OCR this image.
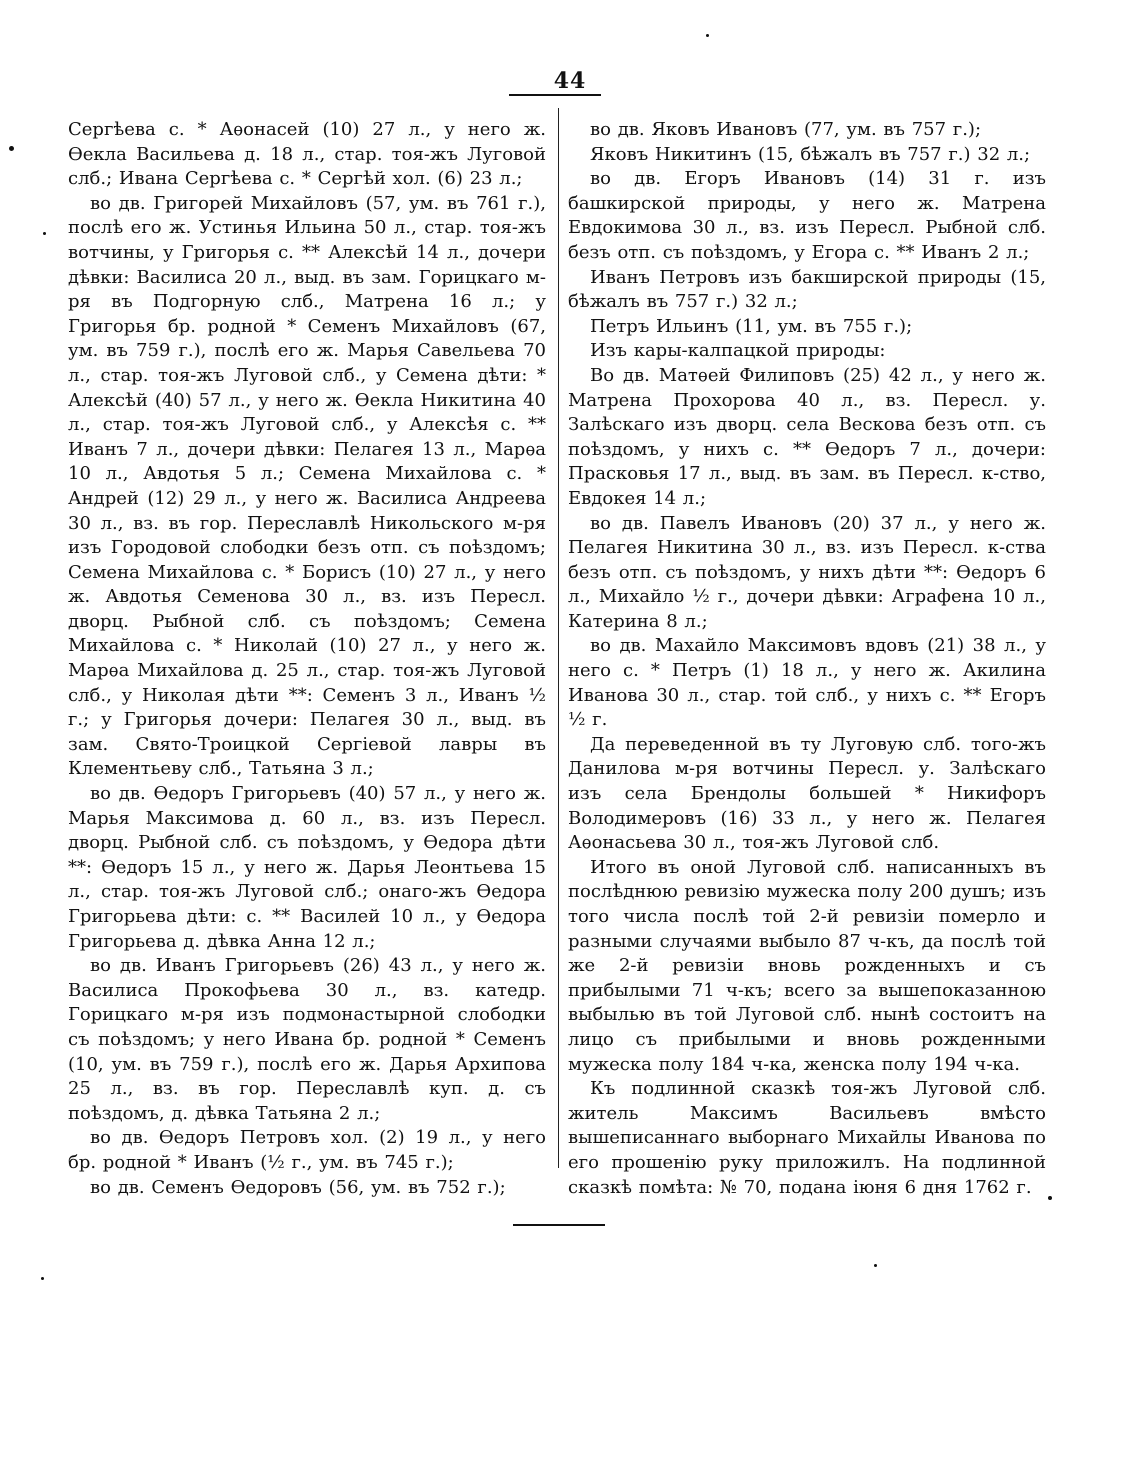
44

Сергѣева с. * Аѳонасей (10) 27 л., у него ж. Ѳекла Васильева д. 18 л., стар. тоя-жъ Луговой слб.; Ивана Сергѣева с. * Сергѣй хол. (6) 23 л.;

во дв. Григорей Михайловъ (57, ум. въ 761 г.), послѣ его ж. Устинья Ильина 50 л., стар. тоя-жъ вотчины, у Григорья с. ** Алексѣй 14 л., дочери дѣвки: Василиса 20 л., выд. въ зам. Горицкаго м-ря въ Подгорную слб., Матрена 16 л.; у Григорья бр. родной * Семенъ Михайловъ (67, ум. въ 759 г.), послѣ его ж. Марья Савельева 70 л., стар. тоя-жъ Луговой слб., у Семена дѣти: * Алексѣй (40) 57 л., у него ж. Ѳекла Никитина 40 л., стар. тоя-жъ Луговой слб., у Алексѣя с. ** Иванъ 7 л., дочери дѣвки: Пелагея 13 л., Марѳа 10 л., Авдотья 5 л.; Семена Михайлова с. * Андрей (12) 29 л., у него ж. Василиса Андреева 30 л., вз. въ гор. Переславлѣ Никольского м-ря изъ Городовой слободки безъ отп. съ поѣздомъ; Семена Михайлова с. * Борисъ (10) 27 л., у него ж. Авдотья Семенова 30 л., вз. изъ Пересл. дворц. Рыбной слб. съ поѣздомъ; Семена Михайлова с. * Николай (10) 27 л., у него ж. Марѳа Михайлова д. 25 л., стар. тоя-жъ Луговой слб., у Николая дѣти **: Семенъ 3 л., Иванъ ½ г.; у Григорья дочери: Пелагея 30 л., выд. въ зам. Свято-Троицкой Сергіевой лавры въ Клементьеву слб., Татьяна 3 л.;

во дв. Ѳедоръ Григорьевъ (40) 57 л., у него ж. Марья Максимова д. 60 л., вз. изъ Пересл. дворц. Рыбной слб. съ поѣздомъ, у Ѳедора дѣти **: Ѳедоръ 15 л., у него ж. Дарья Леонтьева 15 л., стар. тоя-жъ Луговой слб.; онаго-жъ Ѳедора Григорьева дѣти: с. ** Василей 10 л., у Ѳедора Григорьева д. дѣвка Анна 12 л.;

во дв. Иванъ Григорьевъ (26) 43 л., у него ж. Василиса Прокофьева 30 л., вз. катедр. Горицкаго м-ря изъ подмонастырной слободки съ поѣздомъ; у него Ивана бр. родной * Семенъ (10, ум. въ 759 г.), послѣ его ж. Дарья Архипова 25 л., вз. въ гор. Переславлѣ куп. д. съ поѣздомъ, д. дѣвка Татьяна 2 л.;

во дв. Ѳедоръ Петровъ хол. (2) 19 л., у него бр. родной * Иванъ (½ г., ум. въ 745 г.);

во дв. Семенъ Ѳедоровъ (56, ум. въ 752 г.);

во дв. Яковъ Ивановъ (77, ум. въ 757 г.);

Яковъ Никитинъ (15, бѣжалъ въ 757 г.) 32 л.;

во дв. Егоръ Ивановъ (14) 31 г. изъ башкирской природы, у него ж. Матрена Евдокимова 30 л., вз. изъ Пересл. Рыбной слб. безъ отп. съ поѣздомъ, у Егора с. ** Иванъ 2 л.;

Иванъ Петровъ изъ бакширской природы (15, бѣжалъ въ 757 г.) 32 л.;

Петръ Ильинъ (11, ум. въ 755 г.);

Изъ кары-калпацкой природы:

Во дв. Матѳей Филиповъ (25) 42 л., у него ж. Матрена Прохорова 40 л., вз. Пересл. у. Залѣскаго изъ дворц. села Вескова безъ отп. съ поѣздомъ, у нихъ с. ** Ѳедоръ 7 л., дочери: Прасковья 17 л., выд. въ зам. въ Пересл. к-ство, Евдокея 14 л.;

во дв. Павелъ Ивановъ (20) 37 л., у него ж. Пелагея Никитина 30 л., вз. изъ Пересл. к-ства безъ отп. съ поѣздомъ, у нихъ дѣти **: Ѳедоръ 6 л., Михайло ½ г., дочери дѣвки: Аграфена 10 л., Катерина 8 л.;

во дв. Махайло Максимовъ вдовъ (21) 38 л., у него с. * Петръ (1) 18 л., у него ж. Акилина Иванова 30 л., стар. той слб., у нихъ с. ** Егоръ ½ г.

Да переведенной въ ту Луговую слб. того-жъ Данилова м-ря вотчины Пересл. у. Залѣскаго изъ села Брендолы большей * Никифоръ Володимеровъ (16) 33 л., у него ж. Пелагея Аѳонасьева 30 л., тоя-жъ Луговой слб.

Итого въ оной Луговой слб. написанныхъ въ послѣднюю ревизію мужеска полу 200 душъ; изъ того числа послѣ той 2-й ревизіи померло и разными случаями выбыло 87 ч-къ, да послѣ той же 2-й ревизіи вновь рожденныхъ и съ прибылыми 71 ч-къ; всего за вышепоказанною выбылью въ той Луговой слб. нынѣ состоитъ на лицо съ прибылыми и вновь рожденными мужеска полу 184 ч-ка, женска полу 194 ч-ка.

Къ подлинной сказкѣ тоя-жъ Луговой слб. житель Максимъ Васильевъ вмѣсто вышеписаннаго выборнаго Михайлы Иванова по его прошенію руку приложилъ. На подлинной сказкѣ помѣта: № 70, подана іюня 6 дня 1762 г.
